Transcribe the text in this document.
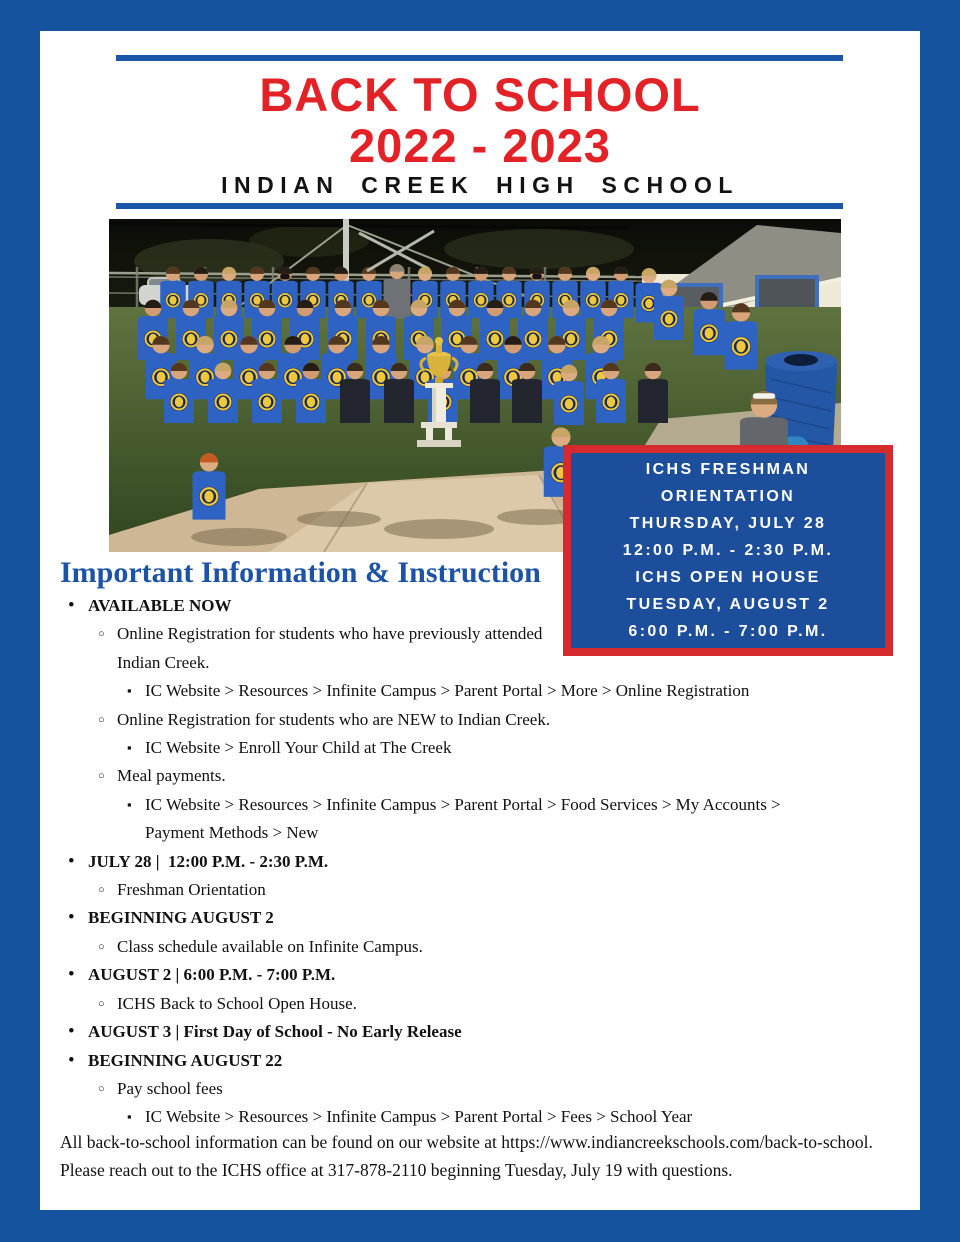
BACK TO SCHOOL
2022 - 2023
INDIAN CREEK HIGH SCHOOL
ICHS FRESHMAN
ORIENTATION
THURSDAY, JULY 28
12:00 P.M. - 2:30 P.M.
ICHS OPEN HOUSE
TUESDAY, AUGUST 2
6:00 P.M. - 7:00 P.M.
Important Information & Instruction
•
AVAILABLE NOW
○
Online Registration for students who have previously attended Indian Creek.
▪
IC Website > Resources > Infinite Campus > Parent Portal > More > Online Registration
○
Online Registration for students who are NEW to Indian Creek.
▪
IC Website > Enroll Your Child at The Creek
○
Meal payments.
▪
IC Website > Resources > Infinite Campus > Parent Portal > Food Services > My Accounts > Payment Methods > New
•
JULY 28 |  12:00 P.M. - 2:30 P.M.
○
Freshman Orientation
•
BEGINNING AUGUST 2
○
Class schedule available on Infinite Campus.
•
AUGUST 2 | 6:00 P.M. - 7:00 P.M.
○
ICHS Back to School Open House.
•
AUGUST 3 | First Day of School - No Early Release
•
BEGINNING AUGUST 22
○
Pay school fees
▪
IC Website > Resources > Infinite Campus > Parent Portal > Fees > School Year
All back-to-school information can be found on our website at https://www.indiancreekschools.com/back-to-school.
Please reach out to the ICHS office at 317-878-2110 beginning Tuesday, July 19 with questions.
